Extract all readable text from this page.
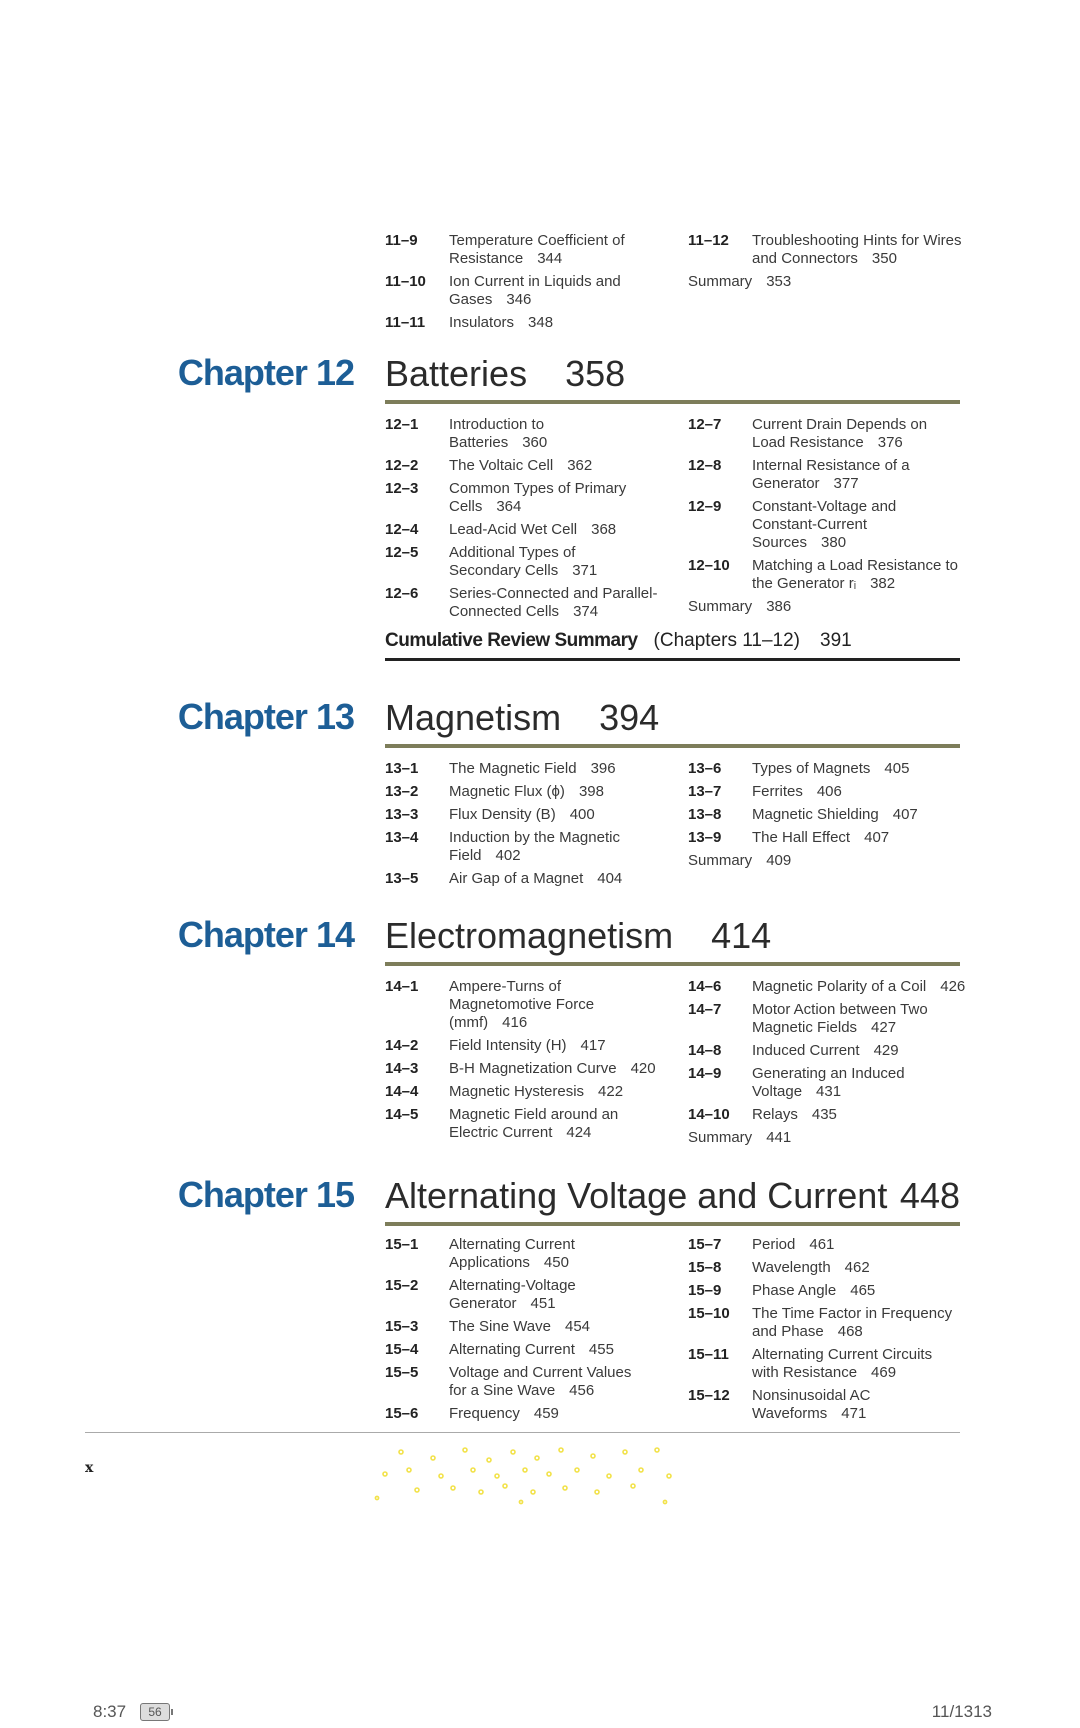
11–9 Temperature Coefficient of Resistance 344
11–10 Ion Current in Liquids and Gases 346
11–11 Insulators 348
11–12 Troubleshooting Hints for Wires and Connectors 350
Summary 353
Chapter 12 Batteries 358
12–1 Introduction to Batteries 360
12–2 The Voltaic Cell 362
12–3 Common Types of Primary Cells 364
12–4 Lead-Acid Wet Cell 368
12–5 Additional Types of Secondary Cells 371
12–6 Series-Connected and Parallel-Connected Cells 374
12–7 Current Drain Depends on Load Resistance 376
12–8 Internal Resistance of a Generator 377
12–9 Constant-Voltage and Constant-Current Sources 380
12–10 Matching a Load Resistance to the Generator rᵢ 382
Summary 386
Cumulative Review Summary (Chapters 11–12) 391
Chapter 13 Magnetism 394
13–1 The Magnetic Field 396
13–2 Magnetic Flux (ϕ) 398
13–3 Flux Density (B) 400
13–4 Induction by the Magnetic Field 402
13–5 Air Gap of a Magnet 404
13–6 Types of Magnets 405
13–7 Ferrites 406
13–8 Magnetic Shielding 407
13–9 The Hall Effect 407
Summary 409
Chapter 14 Electromagnetism 414
14–1 Ampere-Turns of Magnetomotive Force (mmf) 416
14–2 Field Intensity (H) 417
14–3 B-H Magnetization Curve 420
14–4 Magnetic Hysteresis 422
14–5 Magnetic Field around an Electric Current 424
14–6 Magnetic Polarity of a Coil 426
14–7 Motor Action between Two Magnetic Fields 427
14–8 Induced Current 429
14–9 Generating an Induced Voltage 431
14–10 Relays 435
Summary 441
Chapter 15 Alternating Voltage and Current 448
15–1 Alternating Current Applications 450
15–2 Alternating-Voltage Generator 451
15–3 The Sine Wave 454
15–4 Alternating Current 455
15–5 Voltage and Current Values for a Sine Wave 456
15–6 Frequency 459
15–7 Period 461
15–8 Wavelength 462
15–9 Phase Angle 465
15–10 The Time Factor in Frequency and Phase 468
15–11 Alternating Current Circuits with Resistance 469
15–12 Nonsinusoidal AC Waveforms 471
x
8:37	56	11/1313
